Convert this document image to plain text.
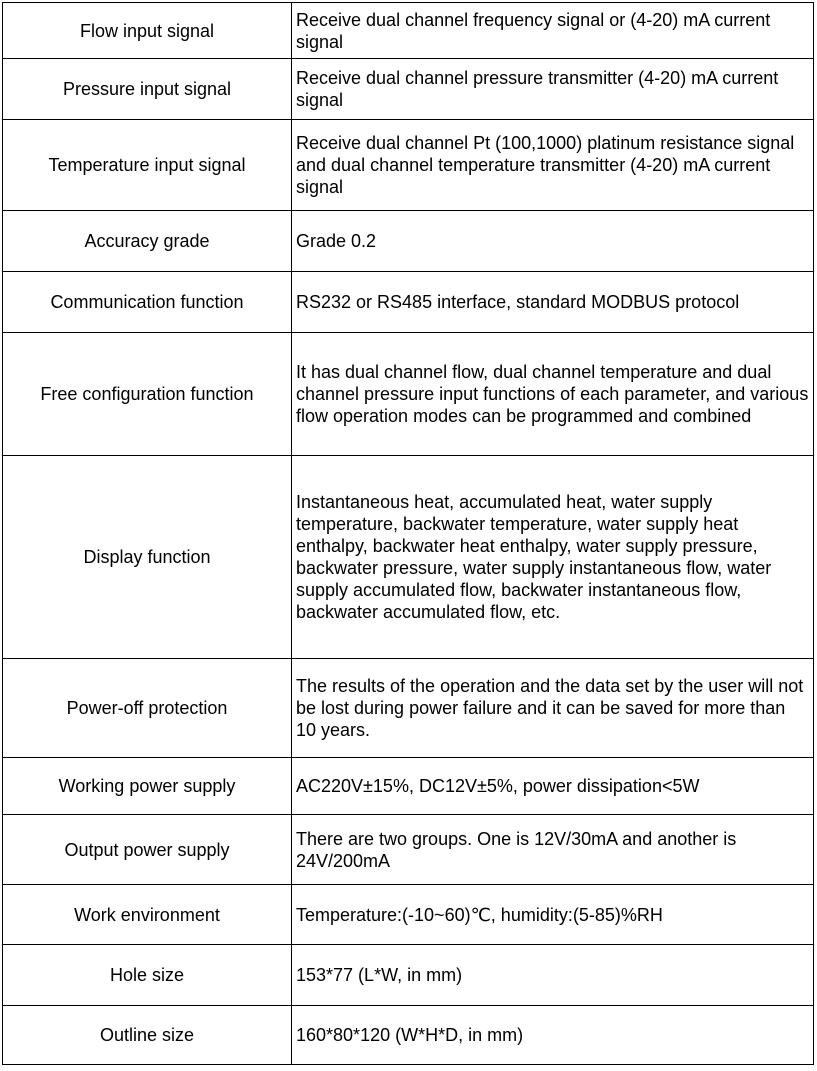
Flow input signal	Receive dual channel frequency signal or (4-20) mA current signal
Pressure input signal	Receive dual channel pressure transmitter (4-20) mA current signal
Temperature input signal	Receive dual channel Pt (100,1000) platinum resistance signal and dual channel temperature transmitter (4-20) mA current signal
Accuracy grade	Grade 0.2
Communication function	RS232 or RS485 interface, standard MODBUS protocol
Free configuration function	It has dual channel flow, dual channel temperature and dual channel pressure input functions of each parameter, and various flow operation modes can be programmed and combined
Display function	Instantaneous heat, accumulated heat, water supply temperature, backwater temperature, water supply heat enthalpy, backwater heat enthalpy, water supply pressure, backwater pressure, water supply instantaneous flow, water supply accumulated flow, backwater instantaneous flow, backwater accumulated flow, etc.
Power-off protection	The results of the operation and the data set by the user will not be lost during power failure and it can be saved for more than 10 years.
Working power supply	AC220V±15%, DC12V±5%, power dissipation<5W
Output power supply	There are two groups. One is 12V/30mA and another is 24V/200mA
Work environment	Temperature:(-10~60)℃, humidity:(5-85)%RH
Hole size	153*77 (L*W, in mm)
Outline size	160*80*120 (W*H*D, in mm)
